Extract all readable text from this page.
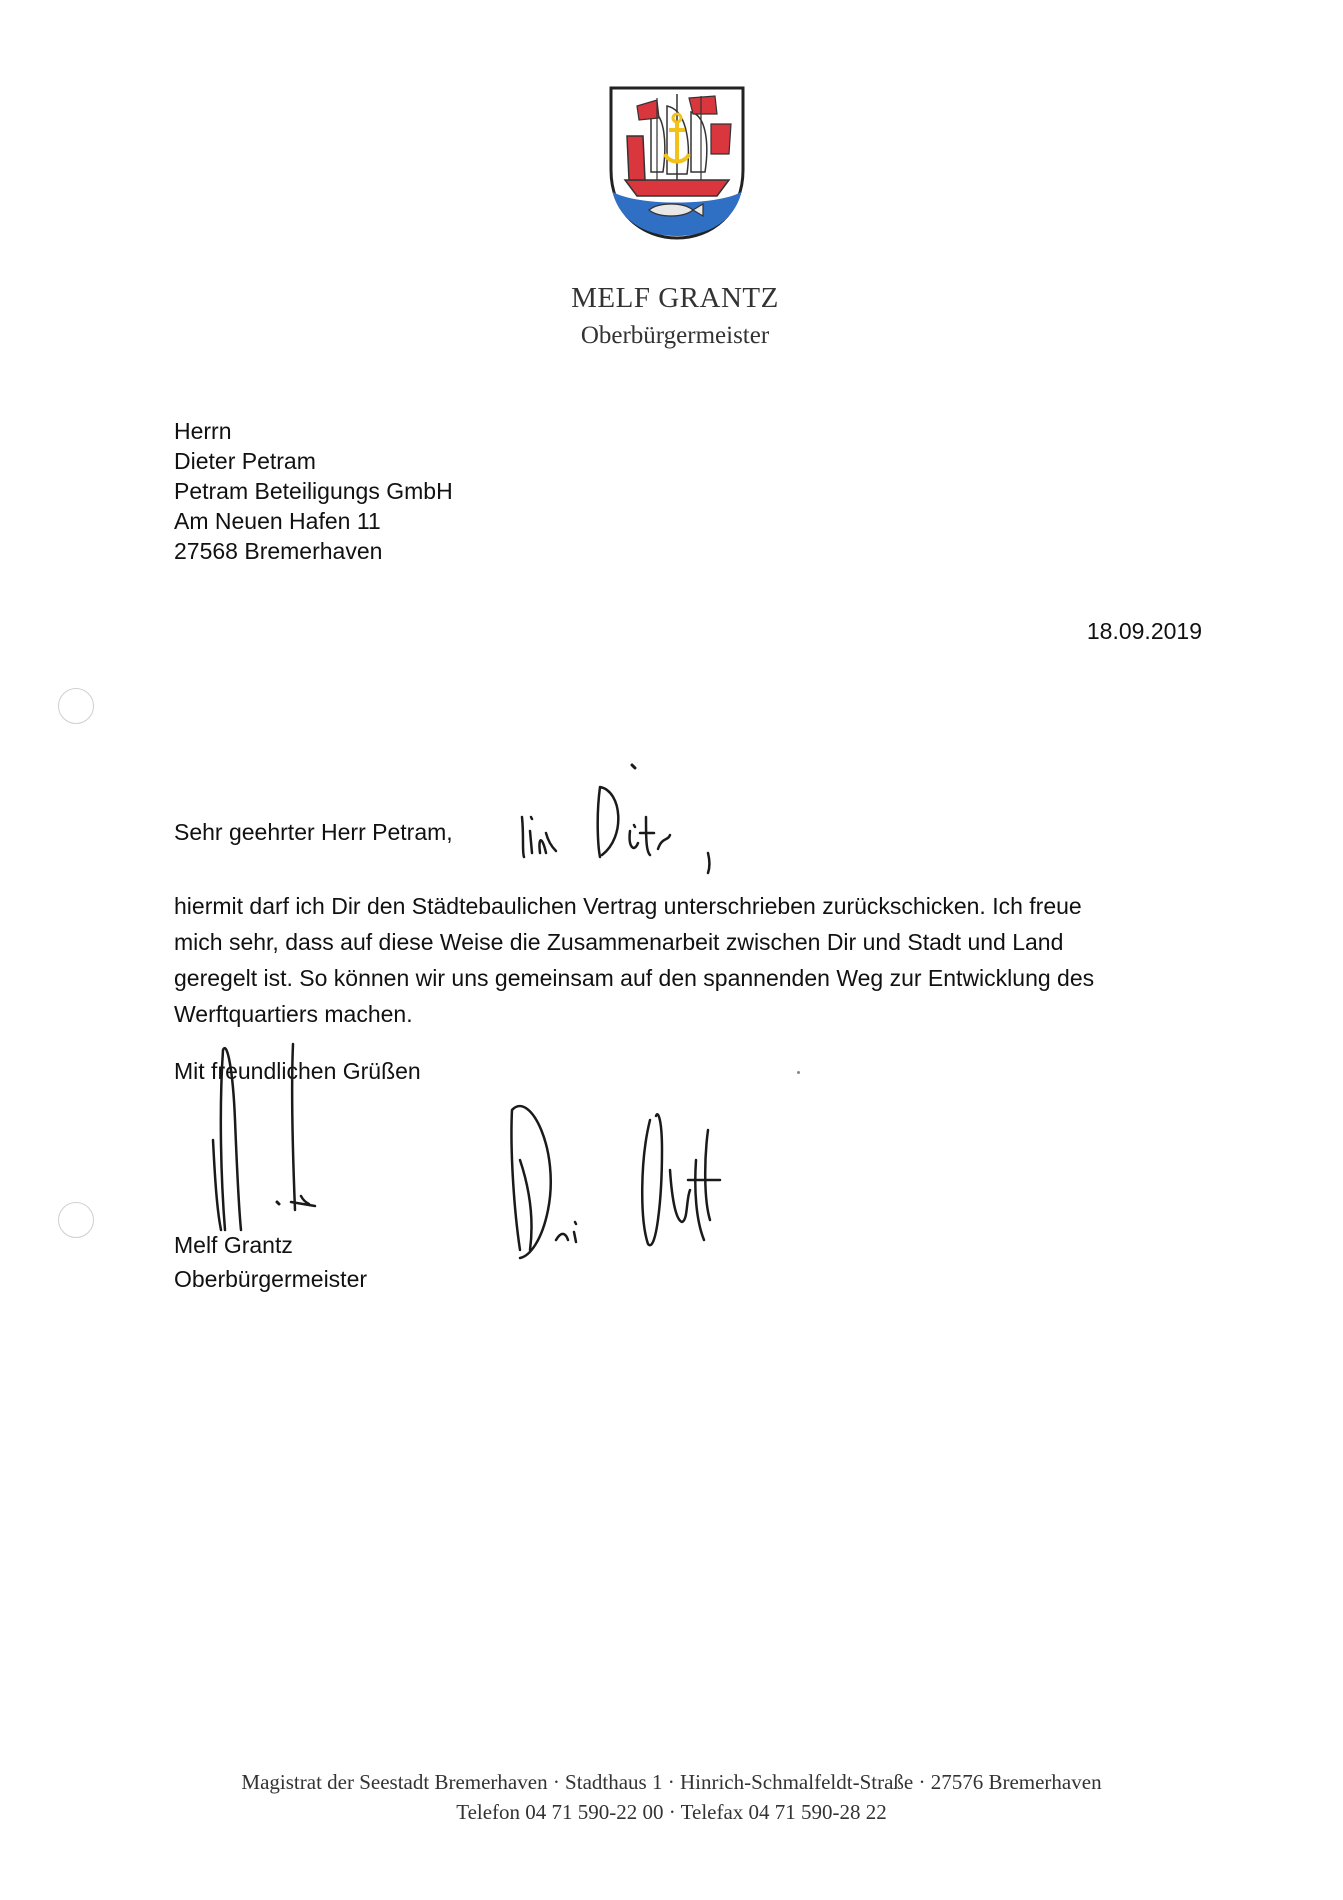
MELF GRANTZ
Oberbürgermeister
Herrn
Dieter Petram
Petram Beteiligungs GmbH
Am Neuen Hafen 11
27568 Bremerhaven
18.09.2019
Sehr geehrter Herr Petram,
hiermit darf ich Dir den Städtebaulichen Vertrag unterschrieben zurückschicken. Ich freue
mich sehr, dass auf diese Weise die Zusammenarbeit zwischen Dir und Stadt und Land
geregelt ist. So können wir uns gemeinsam auf den spannenden Weg zur Entwicklung des
Werftquartiers machen.
Mit freundlichen Grüßen
Melf Grantz
Oberbürgermeister
Magistrat der Seestadt Bremerhaven · Stadthaus 1 · Hinrich-Schmalfeldt-Straße · 27576 Bremerhaven
Telefon 04 71 590-22 00 · Telefax 04 71 590-28 22
